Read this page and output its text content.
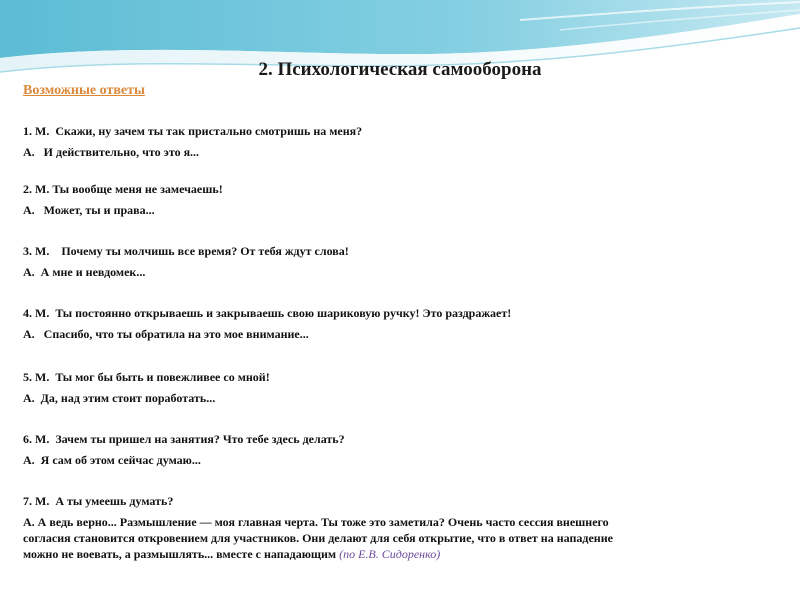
2. Психологическая самооборона
Возможные ответы
1. М.  Скажи, ну зачем ты так пристально смотришь на меня?
А.   И действительно, что это я...
2. М. Ты вообще меня не замечаешь!
А.   Может, ты и права...
3. М.    Почему ты молчишь все время? От тебя ждут слова!
А.  А мне и невдомек...
4. М.  Ты постоянно открываешь и закрываешь свою шариковую ручку! Это раздражает!
А.   Спасибо, что ты обратила на это мое внимание...
5. М.  Ты мог бы быть и повежливее со мной!
А.  Да, над этим стоит поработать...
6. М.  Зачем ты пришел на занятия? Что тебе здесь делать?
А.  Я сам об этом сейчас думаю...
7. М.  А ты умеешь думать?
А. А ведь верно... Размышление — моя главная черта. Ты тоже это заметила? Очень часто сессия внешнего
согласия становится откровением для участников. Они делают для себя открытие, что в ответ на нападение
можно не воевать, а размышлять... вместе с нападающим (по Е.В. Сидоренко)
